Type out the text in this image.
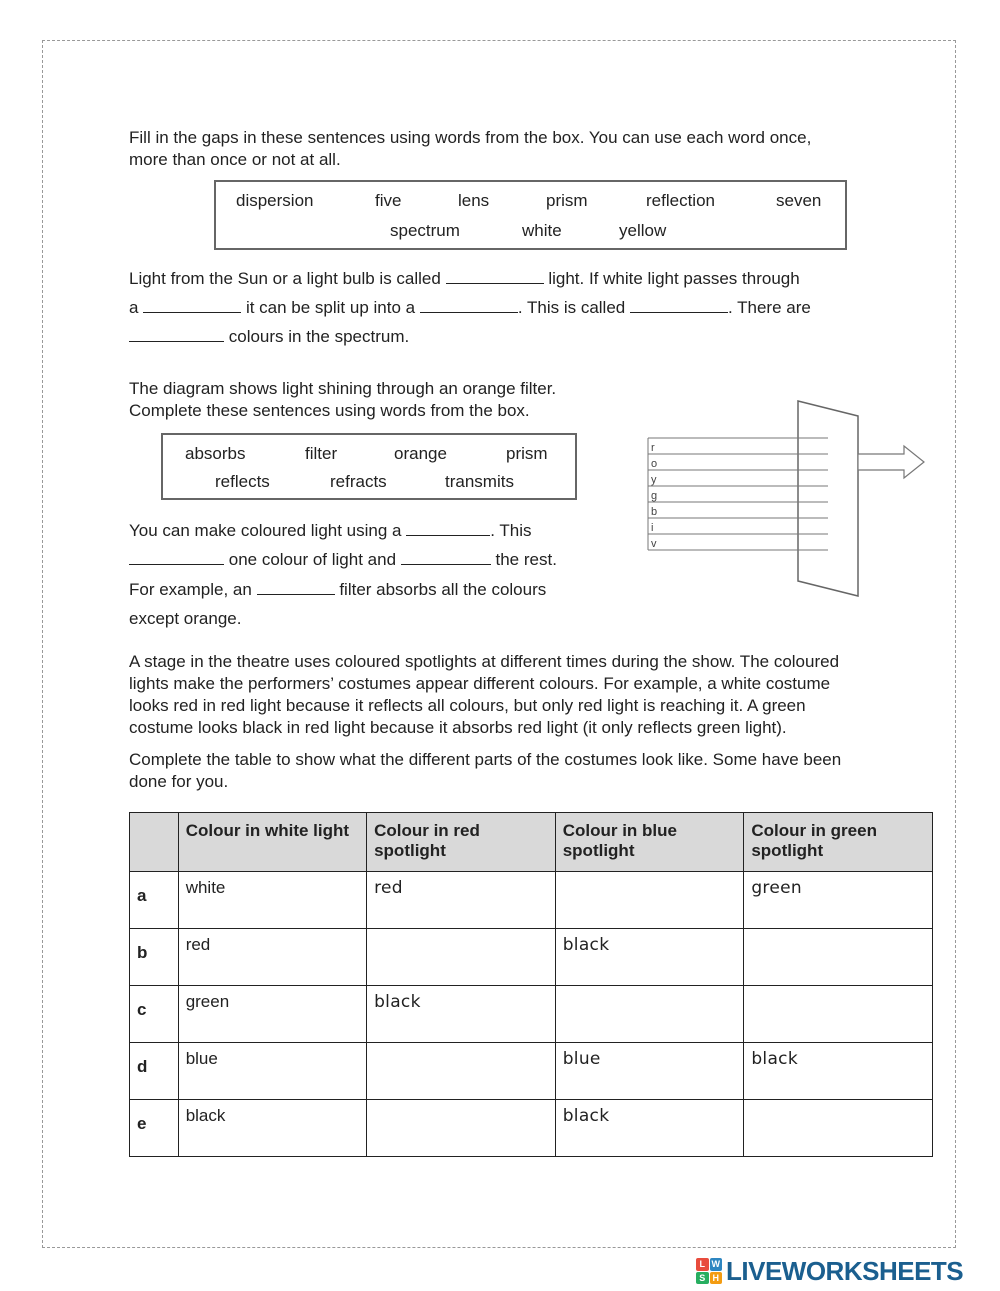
Fill in the gaps in these sentences using words from the box. You can use each word once,
more than once or not at all.
dispersion	five	lens	prism	reflection	seven
spectrum	white	yellow
Light from the Sun or a light bulb is called	light. If white light passes through
a	it can be split up into a	. This is called	. There are
colours in the spectrum.
The diagram shows light shining through an orange filter.
Complete these sentences using words from the box.
absorbs	filter	orange	prism
reflects	refracts	transmits
You can make coloured light using a	. This
one colour of light and	the rest.
For example, an	filter absorbs all the colours
except orange.
r
o
y
g
b
i
v
A stage in the theatre uses coloured spotlights at different times during the show. The coloured
lights make the performers’ costumes appear different colours. For example, a white costume
looks red in red light because it reflects all colours, but only red light is reaching it. A green
costume looks black in red light because it absorbs red light (it only reflects green light).
Complete the table to show what the different parts of the costumes look like. Some have been
done for you.
	Colour in white light	Colour in red spotlight	Colour in blue spotlight	Colour in green spotlight
a	white	red		green
b	red		black	
c	green	black		
d	blue		blue	black
e	black		black	
L W
S H LIVEWORKSHEETS
